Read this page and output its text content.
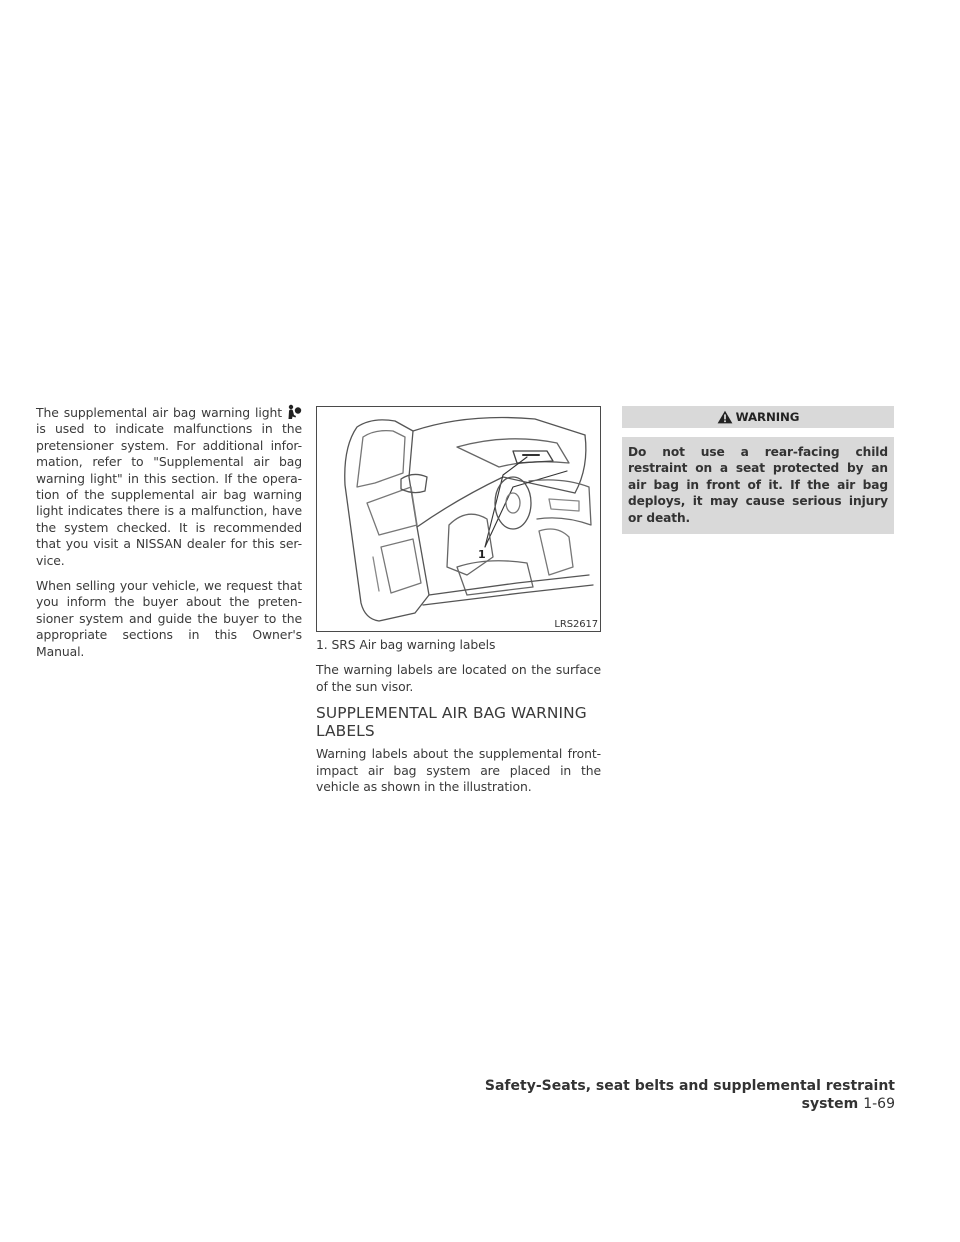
The supplemental air bag warning light is used to indicate malfunctions in the pretensioner system. For additional infor-mation, refer to "Supplemental air bag warning light" in this section. If the opera-tion of the supplemental air bag warning light indicates there is a malfunction, have the system checked. It is recommended that you visit a NISSAN dealer for this ser-vice.

When selling your vehicle, we request that you inform the buyer about the preten-sioner system and guide the buyer to the appropriate sections in this Owner's Manual.

1
LRS2617

1. SRS Air bag warning labels

The warning labels are located on the surface of the sun visor.

SUPPLEMENTAL AIR BAG WARNING LABELS

Warning labels about the supplemental front-impact air bag system are placed in the vehicle as shown in the illustration.

WARNING
Do not use a rear-facing child restraint on a seat protected by an air bag in front of it. If the air bag deploys, it may cause serious injury or death.
Safety-Seats, seat belts and supplemental restraint system 1-69
